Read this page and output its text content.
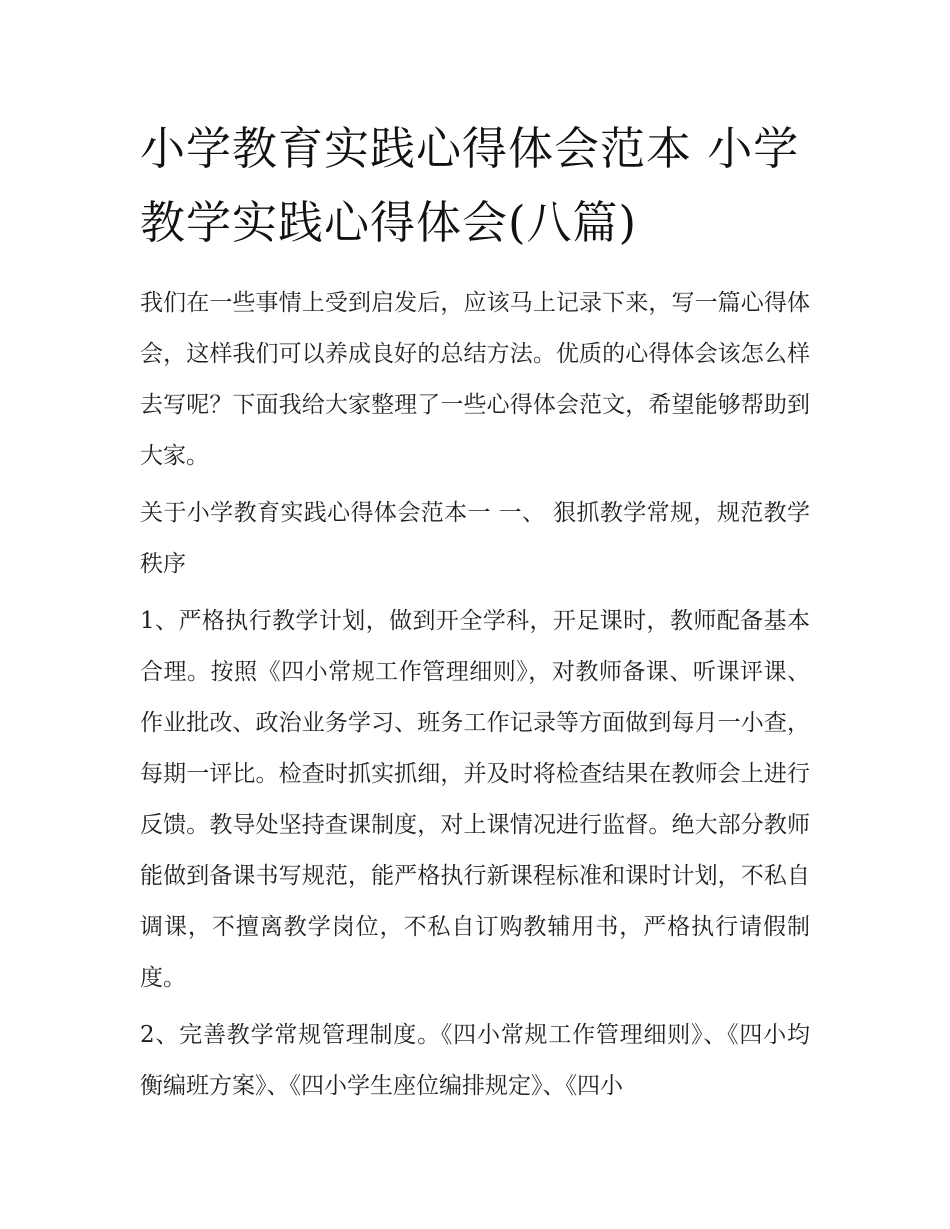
小学教育实践心得体会范本 小学教学实践心得体会(八篇)

我们在一些事情上受到启发后，应该马上记录下来，写一篇心得体会，这样我们可以养成良好的总结方法。优质的心得体会该怎么样去写呢？下面我给大家整理了一些心得体会范文，希望能够帮助到大家。

关于小学教育实践心得体会范本一 一、 狠抓教学常规，规范教学秩序

1、严格执行教学计划，做到开全学科，开足课时，教师配备基本合理。按照《四小常规工作管理细则》，对教师备课、听课评课、作业批改、政治业务学习、班务工作记录等方面做到每月一小查，每期一评比。检查时抓实抓细，并及时将检查结果在教师会上进行反馈。教导处坚持查课制度，对上课情况进行监督。绝大部分教师能做到备课书写规范，能严格执行新课程标准和课时计划，不私自调课，不擅离教学岗位，不私自订购教辅用书，严格执行请假制度。

2、完善教学常规管理制度。《四小常规工作管理细则》、《四小均衡编班方案》、《四小学生座位编排规定》、《四小
